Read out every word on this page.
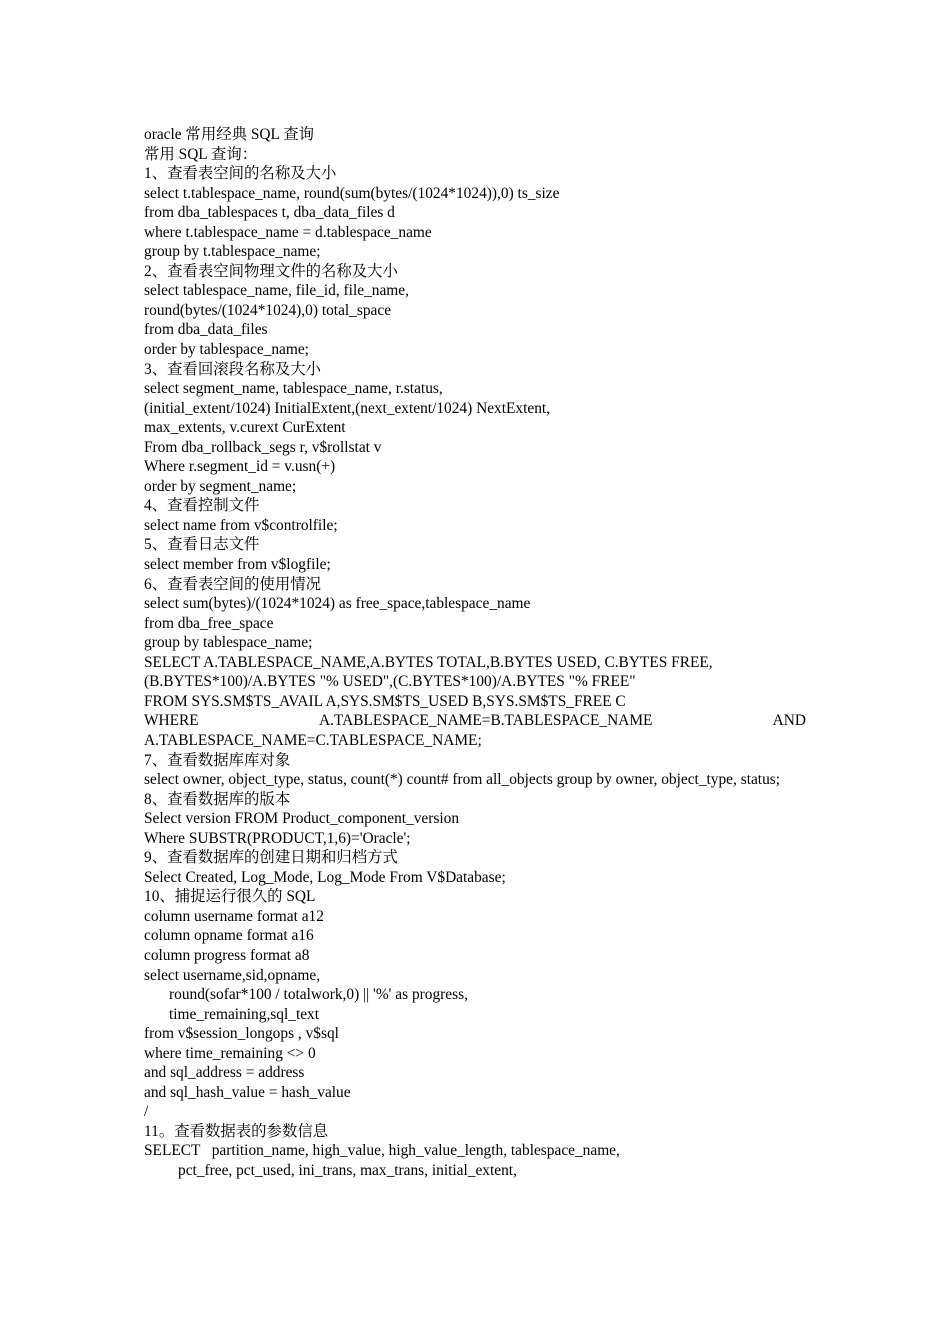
oracle 常用经典 SQL 查询
常用 SQL 查询：
1、查看表空间的名称及大小
select t.tablespace_name, round(sum(bytes/(1024*1024)),0) ts_size
from dba_tablespaces t, dba_data_files d
where t.tablespace_name = d.tablespace_name
group by t.tablespace_name;
2、查看表空间物理文件的名称及大小
select tablespace_name, file_id, file_name,
round(bytes/(1024*1024),0) total_space
from dba_data_files
order by tablespace_name;
3、查看回滚段名称及大小
select segment_name, tablespace_name, r.status,
(initial_extent/1024) InitialExtent,(next_extent/1024) NextExtent,
max_extents, v.curext CurExtent
From dba_rollback_segs r, v$rollstat v
Where r.segment_id = v.usn(+)
order by segment_name;
4、查看控制文件
select name from v$controlfile;
5、查看日志文件
select member from v$logfile;
6、查看表空间的使用情况
select sum(bytes)/(1024*1024) as free_space,tablespace_name
from dba_free_space
group by tablespace_name;
SELECT A.TABLESPACE_NAME,A.BYTES TOTAL,B.BYTES USED, C.BYTES FREE,
(B.BYTES*100)/A.BYTES "% USED",(C.BYTES*100)/A.BYTES "% FREE"
FROM SYS.SM$TS_AVAIL A,SYS.SM$TS_USED B,SYS.SM$TS_FREE C
WHERE	A.TABLESPACE_NAME=B.TABLESPACE_NAME	AND
A.TABLESPACE_NAME=C.TABLESPACE_NAME;
7、查看数据库库对象
select owner, object_type, status, count(*) count# from all_objects group by owner, object_type, status;
8、查看数据库的版本
Select version FROM Product_component_version
Where SUBSTR(PRODUCT,1,6)='Oracle';
9、查看数据库的创建日期和归档方式
Select Created, Log_Mode, Log_Mode From V$Database;
10、捕捉运行很久的 SQL
column username format a12
column opname format a16
column progress format a8
select username,sid,opname,
round(sofar*100 / totalwork,0) || '%' as progress,
time_remaining,sql_text
from v$session_longops , v$sql
where time_remaining <> 0
and sql_address = address
and sql_hash_value = hash_value
/
11。查看数据表的参数信息
SELECT   partition_name, high_value, high_value_length, tablespace_name,
pct_free, pct_used, ini_trans, max_trans, initial_extent,
